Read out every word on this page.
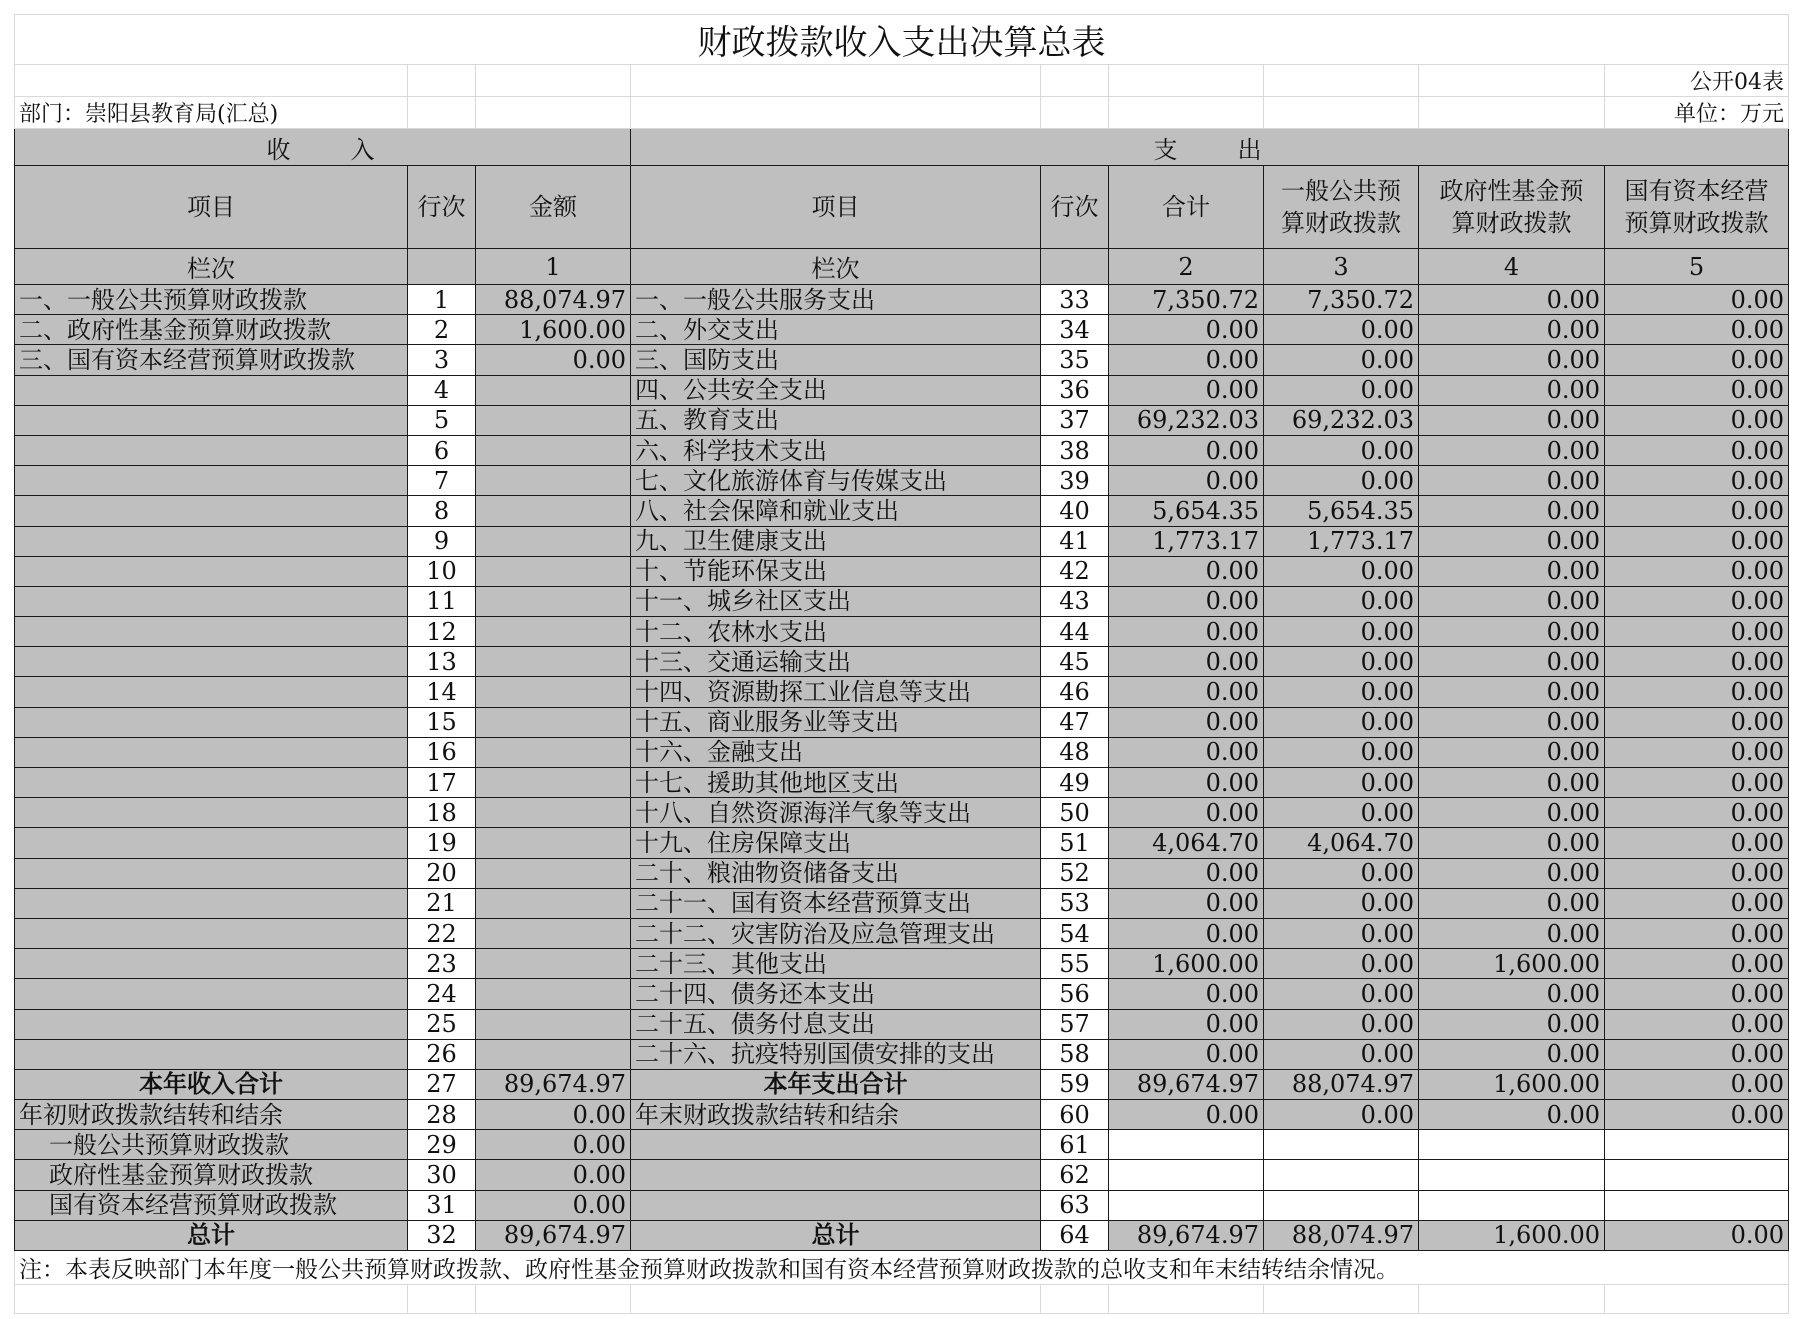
财政拨款收入支出决算总表								
								公开04表
部门：崇阳县教育局(汇总)								单位：万元
收　　入			支　　出					
项目	行次	金额	项目	行次	合计	一般公共预算财政拨款	政府性基金预算财政拨款	国有资本经营预算财政拨款
栏次		1	栏次		2	3	4	5
一、一般公共预算财政拨款	1	88,074.97	一、一般公共服务支出	33	7,350.72	7,350.72	0.00	0.00
二、政府性基金预算财政拨款	2	1,600.00	二、外交支出	34	0.00	0.00	0.00	0.00
三、国有资本经营预算财政拨款	3	0.00	三、国防支出	35	0.00	0.00	0.00	0.00
	4		四、公共安全支出	36	0.00	0.00	0.00	0.00
	5		五、教育支出	37	69,232.03	69,232.03	0.00	0.00
	6		六、科学技术支出	38	0.00	0.00	0.00	0.00
	7		七、文化旅游体育与传媒支出	39	0.00	0.00	0.00	0.00
	8		八、社会保障和就业支出	40	5,654.35	5,654.35	0.00	0.00
	9		九、卫生健康支出	41	1,773.17	1,773.17	0.00	0.00
	10		十、节能环保支出	42	0.00	0.00	0.00	0.00
	11		十一、城乡社区支出	43	0.00	0.00	0.00	0.00
	12		十二、农林水支出	44	0.00	0.00	0.00	0.00
	13		十三、交通运输支出	45	0.00	0.00	0.00	0.00
	14		十四、资源勘探工业信息等支出	46	0.00	0.00	0.00	0.00
	15		十五、商业服务业等支出	47	0.00	0.00	0.00	0.00
	16		十六、金融支出	48	0.00	0.00	0.00	0.00
	17		十七、援助其他地区支出	49	0.00	0.00	0.00	0.00
	18		十八、自然资源海洋气象等支出	50	0.00	0.00	0.00	0.00
	19		十九、住房保障支出	51	4,064.70	4,064.70	0.00	0.00
	20		二十、粮油物资储备支出	52	0.00	0.00	0.00	0.00
	21		二十一、国有资本经营预算支出	53	0.00	0.00	0.00	0.00
	22		二十二、灾害防治及应急管理支出	54	0.00	0.00	0.00	0.00
	23		二十三、其他支出	55	1,600.00	0.00	1,600.00	0.00
	24		二十四、债务还本支出	56	0.00	0.00	0.00	0.00
	25		二十五、债务付息支出	57	0.00	0.00	0.00	0.00
	26		二十六、抗疫特别国债安排的支出	58	0.00	0.00	0.00	0.00
本年收入合计	27	89,674.97	本年支出合计	59	89,674.97	88,074.97	1,600.00	0.00
年初财政拨款结转和结余	28	0.00	年末财政拨款结转和结余	60	0.00	0.00	0.00	0.00
一般公共预算财政拨款	29	0.00		61				
政府性基金预算财政拨款	30	0.00		62				
国有资本经营预算财政拨款	31	0.00		63				
总计	32	89,674.97	总计	64	89,674.97	88,074.97	1,600.00	0.00
注：本表反映部门本年度一般公共预算财政拨款、政府性基金预算财政拨款和国有资本经营预算财政拨款的总收支和年末结转结余情况。								
